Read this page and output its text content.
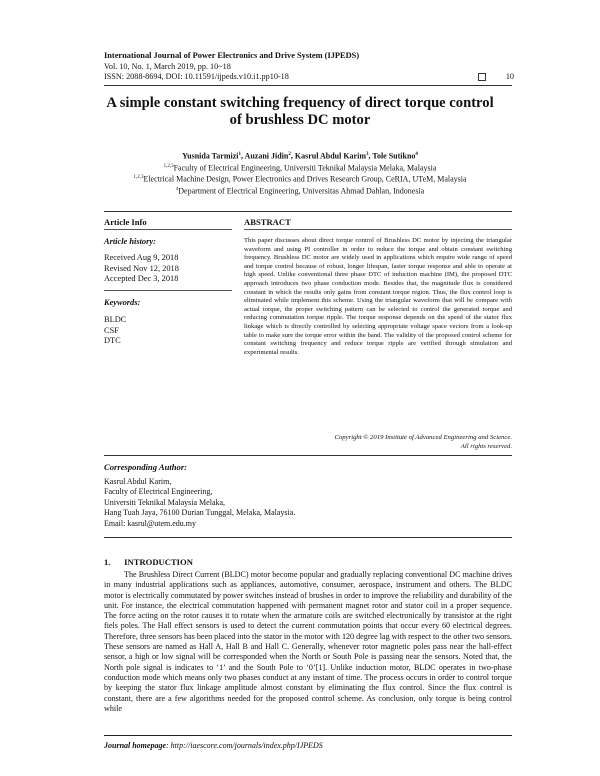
International Journal of Power Electronics and Drive System (IJPEDS)
Vol. 10, No. 1, March 2019, pp. 10~18
ISSN: 2088-8694, DOI: 10.11591/ijpeds.v10.i1.pp10-18	10
A simple constant switching frequency of direct torque control
of brushless DC motor
Yusnida Tarmizi$^1$, Auzani Jidin$^2$, Kasrul Abdul Karim$^3$, Tole Sutikno$^4$
$^{1,2,3}$Faculty of Electrical Engineering, Universiti Teknikal Malaysia Melaka, Malaysia
$^{1,2,3}$Electrical Machine Design, Power Electronics and Drives Research Group, CeRIA, UTeM, Malaysia
$^4$Department of Electrical Engineering, Universitas Ahmad Dahlan, Indonesia
Article Info	ABSTRACT
Article history:
Received Aug 9, 2018
Revised Nov 12, 2018
Accepted Dec 3, 2018
Keywords:
BLDC
CSF
DTC
This paper discusses about direct torque control of Brushless DC motor by injecting the triangular waveform and using PI controller in order to reduce the torque and obtain constant switching frequency. Brushless DC motor are widely used in applications which require wide range of speed and torque control because of robust, longer lifespan, faster torque response and able to operate at high speed. Unlike conventional three phase DTC of induction machine (IM), the proposed DTC approach introduces two phase conduction mode. Besides that, the magnitude flux is considered constant in which the results only gains from constant torque region. Thus, the flux control loop is eliminated while implement this scheme. Using the triangular waveform that will be compare with actual torque, the proper switching pattern can be selected to control the generated torque and reducing commutation torque ripple. The torque response depends on the speed of the stator flux linkage which is directly controlled by selecting appropriate voltage space vectors from a look-up table to make sure the torque error within the band. The validity of the proposed control scheme for constant switching frequency and reduce torque ripple are verified through simulation and experimental results.
Copyright © 2019 Institute of Advanced Engineering and Science.
All rights reserved.
Corresponding Author:
Kasrul Abdul Karim,
Faculty of Electrical Engineering,
Universiti Teknikal Malaysia Melaka,
Hang Tuah Jaya, 76100 Durian Tunggal, Melaka, Malaysia.
Email: kasrul@utem.edu.my
1. INTRODUCTION
The Brushless Direct Current (BLDC) motor become popular and gradually replacing conventional DC machine drives in many industrial applications such as appliances, automotive, consumer, aerospace, instrument and others. The BLDC motor is electrically commutated by power switches instead of brushes in order to improve the reliability and durability of the unit. For instance, the electrical commutation happened with permanent magnet rotor and stator coil in a proper sequence. The force acting on the rotor causes it to rotate when the armature coils are switched electronically by transistor at the right fiels poles. The Hall effect sensors is used to detect the current commutation points that occur every 60 electrical degrees. Therefore, three sensors has been placed into the stator in the motor with 120 degree lag with respect to the other two sensors. These sensors are named as Hall A, Hall B and Hall C. Generally, whenever rotor magnetic poles pass near the hall-effect sensor, a high or low signal will be corresponded when the North or South Pole is passing near the sensors. Noted that, the North pole signal is indicates to ‘1’ and the South Pole to ‘0’[1]. Unlike induction motor, BLDC operates in two-phase conduction mode which means only two phases conduct at any instant of time. The process occurs in order to control torque by keeping the stator flux linkage amplitude almost constant by eliminating the flux control. Since the flux control is constant, there are a few algorithms needed for the proposed control scheme. As conclusion, only torque is being control while
Journal homepage: http://iaescore.com/journals/index.php/IJPEDS
